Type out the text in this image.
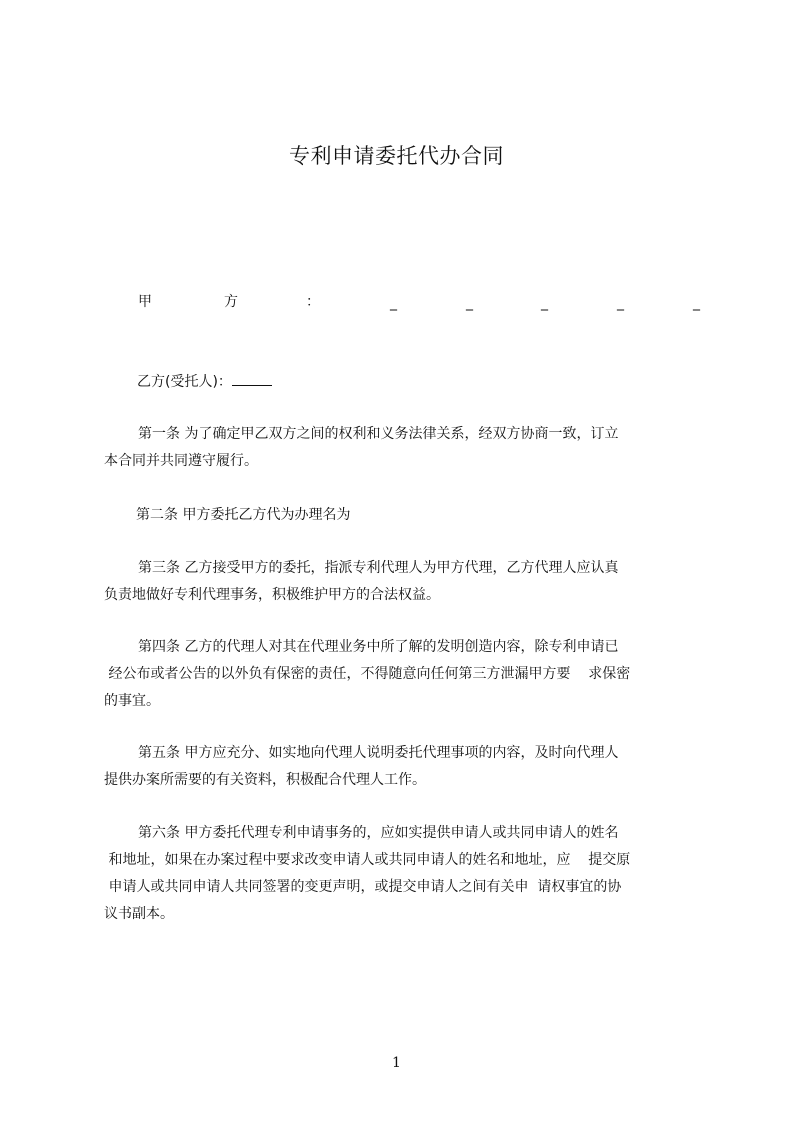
专利申请委托代办合同
甲	方	：	_	_	_	_	_
乙方(受托人)：
第一条 为了确定甲乙双方之间的权利和义务法律关系，经双方协商一致，订立
本合同并共同遵守履行。
第二条 甲方委托乙方代为办理名为
第三条 乙方接受甲方的委托，指派专利代理人为甲方代理，乙方代理人应认真
负责地做好专利代理事务，积极维护甲方的合法权益。
第四条 乙方的代理人对其在代理业务中所了解的发明创造内容，除专利申请已
经公布或者公告的以外负有保密的责任，不得随意向任何第三方泄漏甲方要    求保密
的事宜。
第五条 甲方应充分、如实地向代理人说明委托代理事项的内容，及时向代理人
提供办案所需要的有关资料，积极配合代理人工作。
第六条 甲方委托代理专利申请事务的，应如实提供申请人或共同申请人的姓名
和地址，如果在办案过程中要求改变申请人或共同申请人的姓名和地址，应    提交原
申请人或共同申请人共同签署的变更声明，或提交申请人之间有关申  请权事宜的协
议书副本。
1
